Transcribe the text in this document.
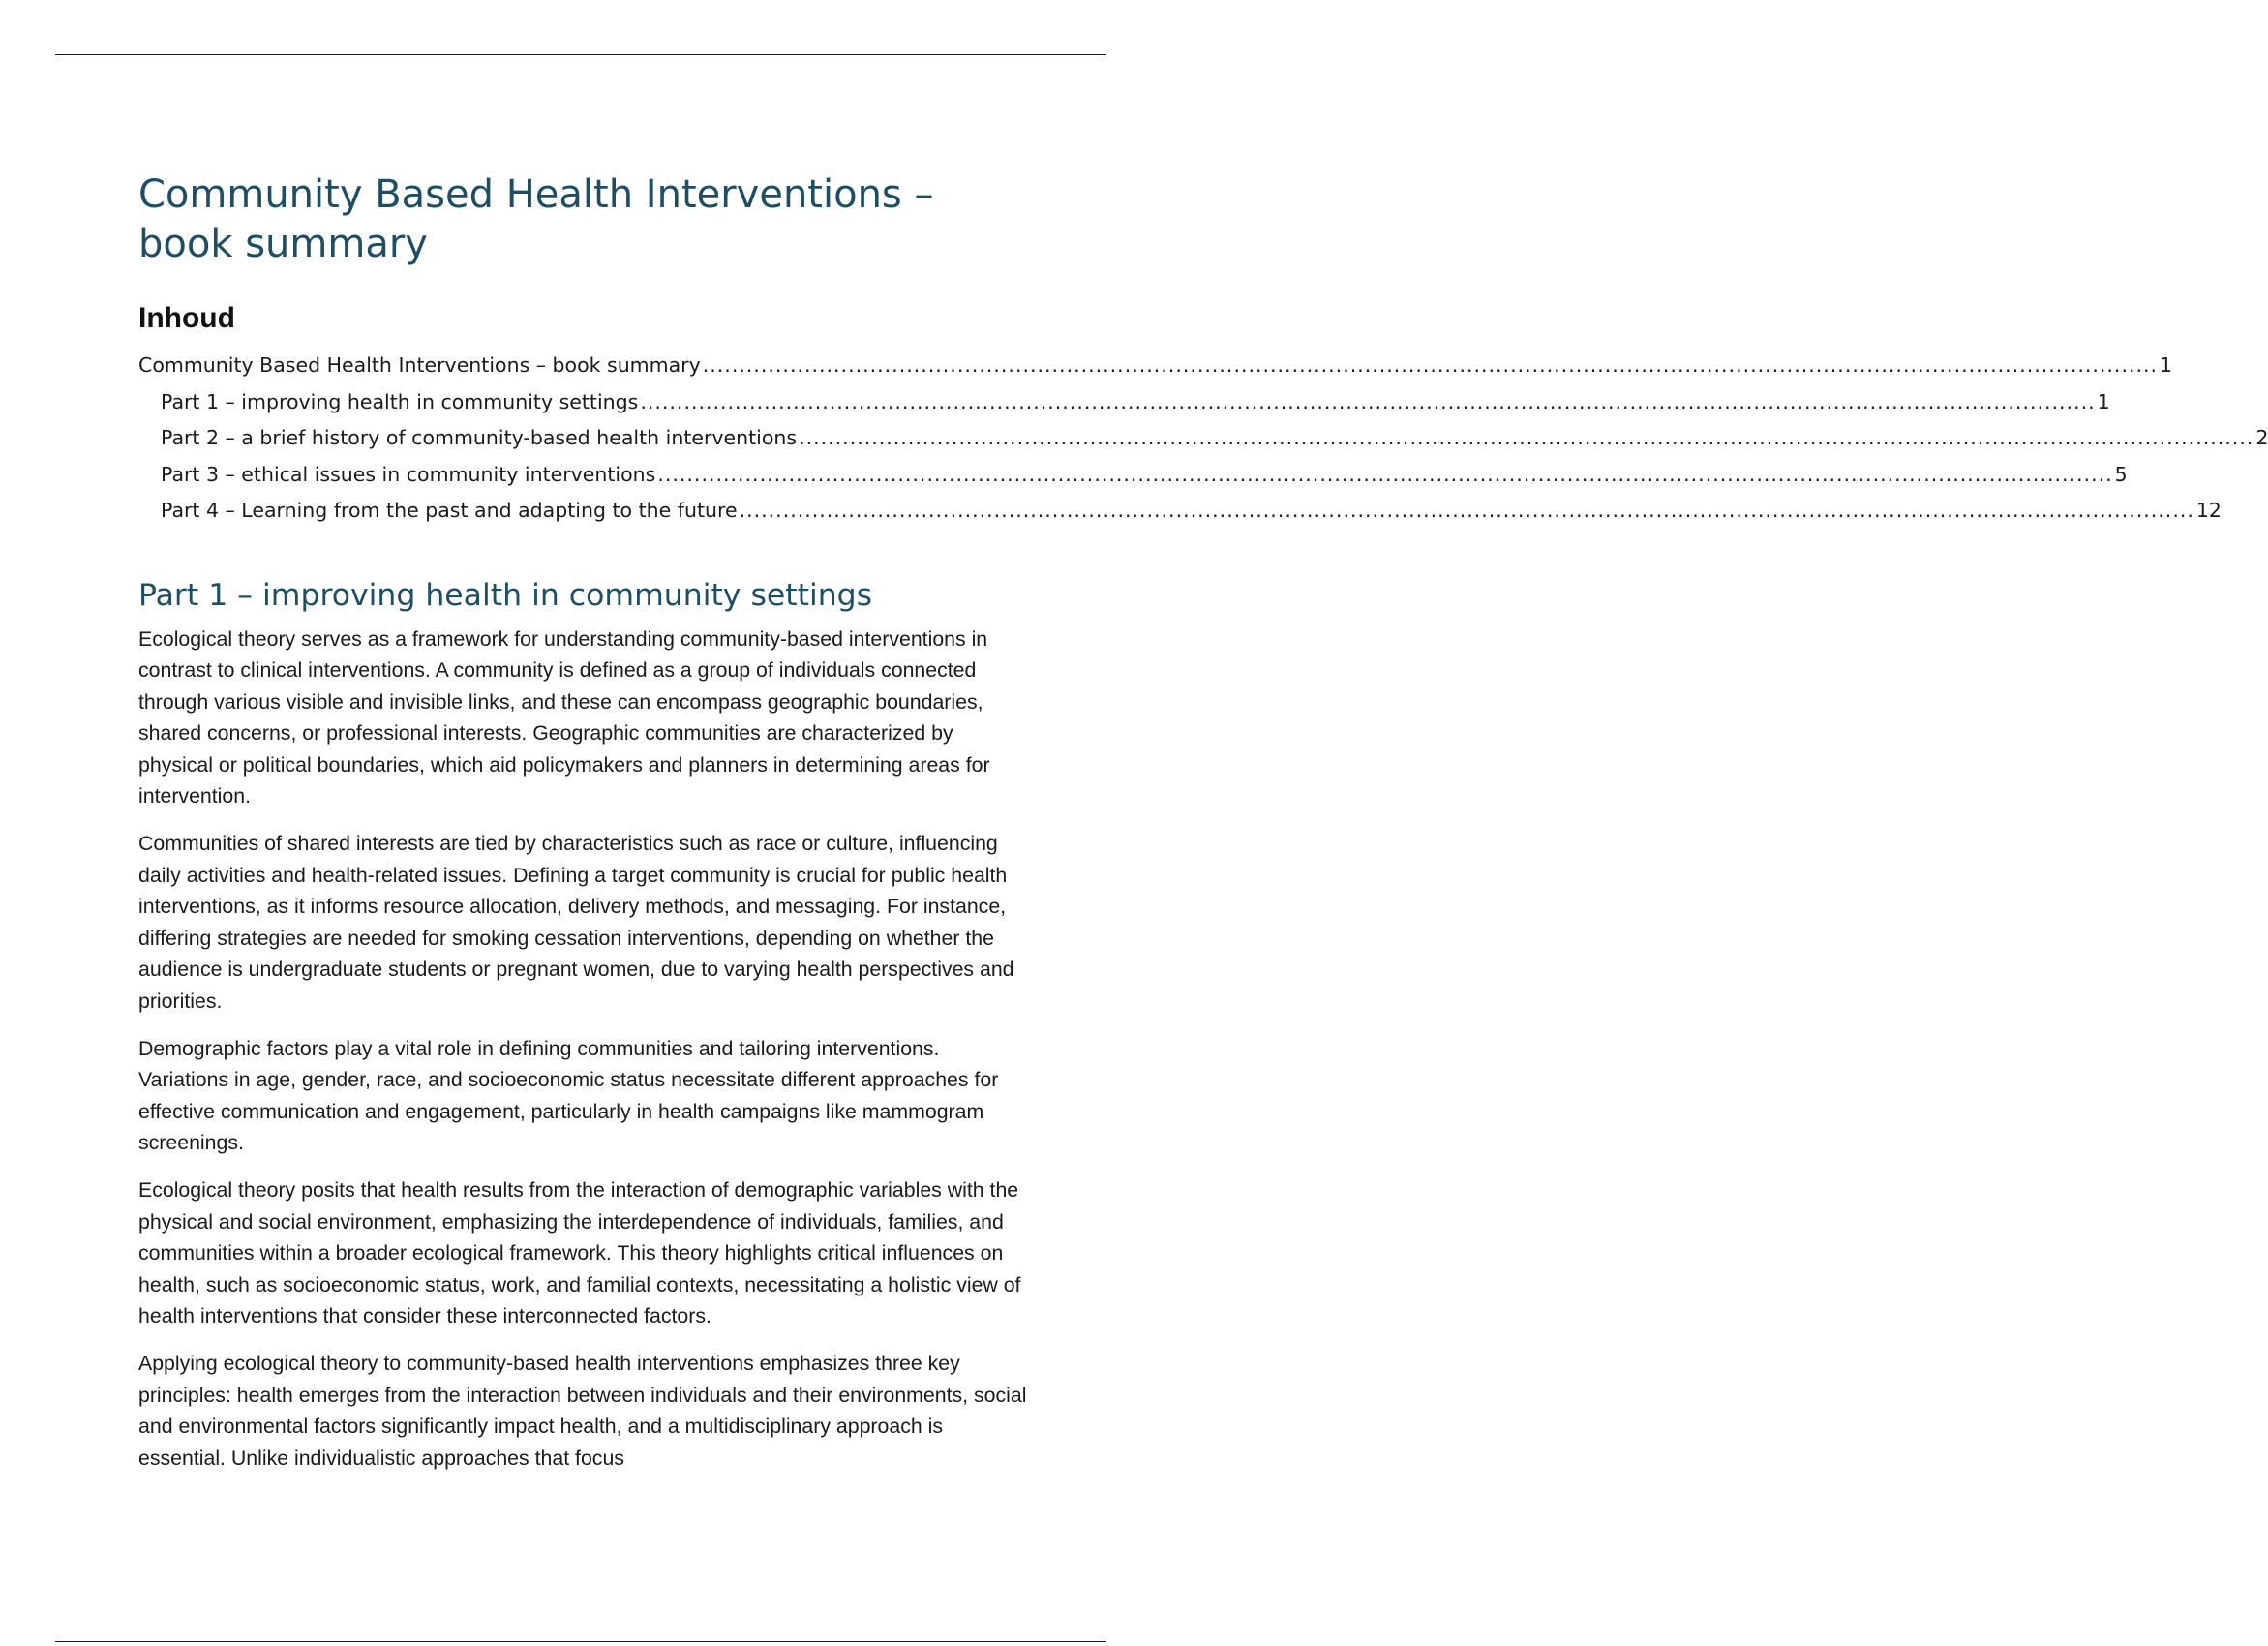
Community Based Health Interventions – book summary
Inhoud
Community Based Health Interventions – book summary ........................................................................................................................................................................................................ 1
Part 1 – improving health in community settings ........................................................................................................................................................................................................ 1
Part 2 – a brief history of community-based health interventions ........................................................................................................................................................................................................ 2
Part 3 – ethical issues in community interventions ........................................................................................................................................................................................................ 5
Part 4 – Learning from the past and adapting to the future ........................................................................................................................................................................................................ 12
Part 1 – improving health in community settings

Ecological theory serves as a framework for understanding community-based interventions in contrast to clinical interventions. A community is defined as a group of individuals connected through various visible and invisible links, and these can encompass geographic boundaries, shared concerns, or professional interests. Geographic communities are characterized by physical or political boundaries, which aid policymakers and planners in determining areas for intervention.

Communities of shared interests are tied by characteristics such as race or culture, influencing daily activities and health-related issues. Defining a target community is crucial for public health interventions, as it informs resource allocation, delivery methods, and messaging. For instance, differing strategies are needed for smoking cessation interventions, depending on whether the audience is undergraduate students or pregnant women, due to varying health perspectives and priorities.

Demographic factors play a vital role in defining communities and tailoring interventions. Variations in age, gender, race, and socioeconomic status necessitate different approaches for effective communication and engagement, particularly in health campaigns like mammogram screenings.

Ecological theory posits that health results from the interaction of demographic variables with the physical and social environment, emphasizing the interdependence of individuals, families, and communities within a broader ecological framework. This theory highlights critical influences on health, such as socioeconomic status, work, and familial contexts, necessitating a holistic view of health interventions that consider these interconnected factors.

Applying ecological theory to community-based health interventions emphasizes three key principles: health emerges from the interaction between individuals and their environments, social and environmental factors significantly impact health, and a multidisciplinary approach is essential. Unlike individualistic approaches that focus
